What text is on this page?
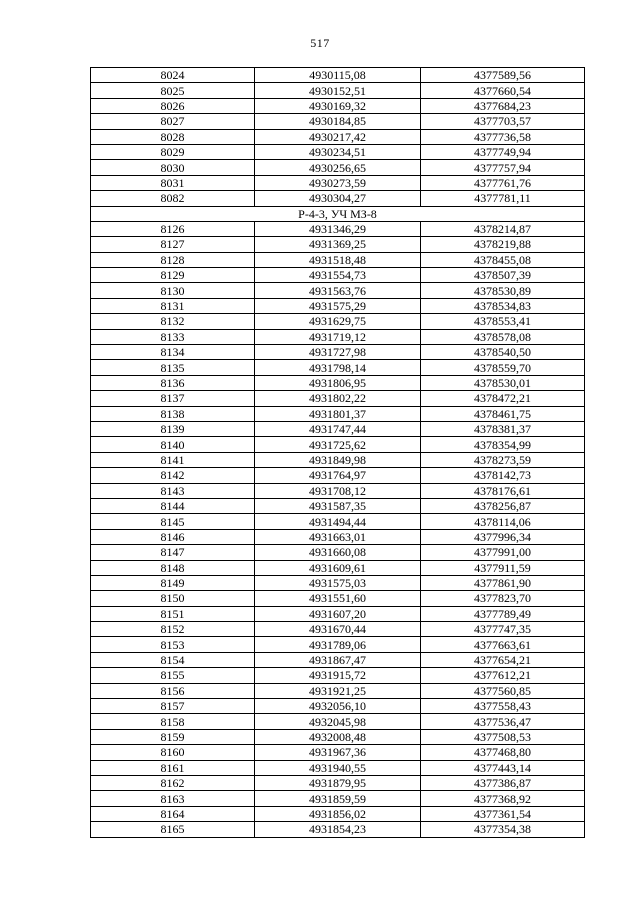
517
8024	4930115,08	4377589,56
8025	4930152,51	4377660,54
8026	4930169,32	4377684,23
8027	4930184,85	4377703,57
8028	4930217,42	4377736,58
8029	4930234,51	4377749,94
8030	4930256,65	4377757,94
8031	4930273,59	4377761,76
8082	4930304,27	4377781,11
Р-4-3, УЧ МЗ-8		
8126	4931346,29	4378214,87
8127	4931369,25	4378219,88
8128	4931518,48	4378455,08
8129	4931554,73	4378507,39
8130	4931563,76	4378530,89
8131	4931575,29	4378534,83
8132	4931629,75	4378553,41
8133	4931719,12	4378578,08
8134	4931727,98	4378540,50
8135	4931798,14	4378559,70
8136	4931806,95	4378530,01
8137	4931802,22	4378472,21
8138	4931801,37	4378461,75
8139	4931747,44	4378381,37
8140	4931725,62	4378354,99
8141	4931849,98	4378273,59
8142	4931764,97	4378142,73
8143	4931708,12	4378176,61
8144	4931587,35	4378256,87
8145	4931494,44	4378114,06
8146	4931663,01	4377996,34
8147	4931660,08	4377991,00
8148	4931609,61	4377911,59
8149	4931575,03	4377861,90
8150	4931551,60	4377823,70
8151	4931607,20	4377789,49
8152	4931670,44	4377747,35
8153	4931789,06	4377663,61
8154	4931867,47	4377654,21
8155	4931915,72	4377612,21
8156	4931921,25	4377560,85
8157	4932056,10	4377558,43
8158	4932045,98	4377536,47
8159	4932008,48	4377508,53
8160	4931967,36	4377468,80
8161	4931940,55	4377443,14
8162	4931879,95	4377386,87
8163	4931859,59	4377368,92
8164	4931856,02	4377361,54
8165	4931854,23	4377354,38
